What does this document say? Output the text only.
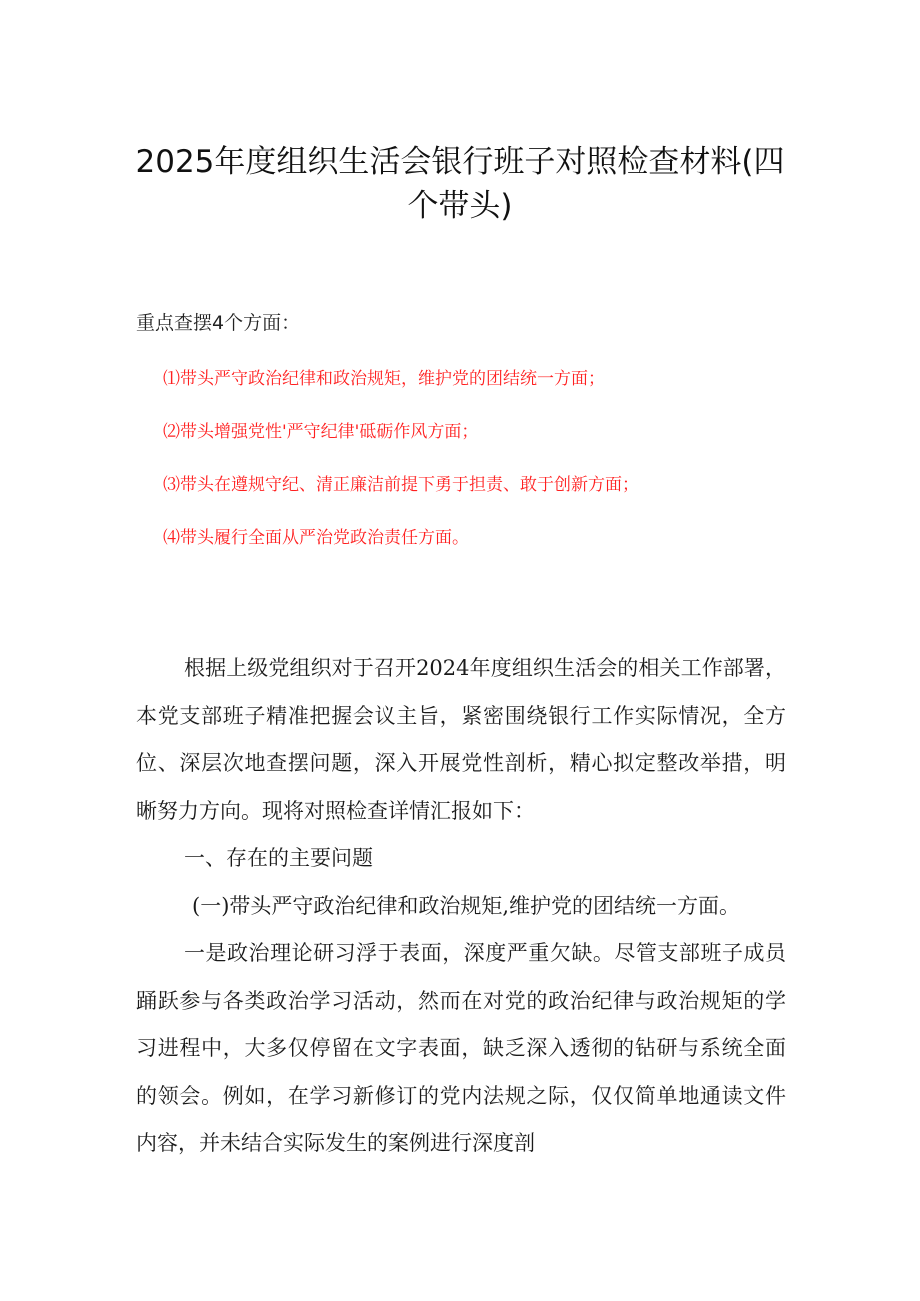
2025年度组织生活会银行班子对照检查材料(四
个带头)
重点查摆4个方面：
⑴带头严守政治纪律和政治规矩，维护党的团结统一方面；
⑵带头增强党性'严守纪律'砥砺作风方面；
⑶带头在遵规守纪、清正廉洁前提下勇于担责、敢于创新方面；
⑷带头履行全面从严治党政治责任方面。

根据上级党组织对于召开2024年度组织生活会的相关工作部署，本党支部班子精准把握会议主旨，紧密围绕银行工作实际情况，全方位、深层次地查摆问题，深入开展党性剖析，精心拟定整改举措，明晰努力方向。现将对照检查详情汇报如下：

一、存在的主要问题

(一)带头严守政治纪律和政治规矩,维护党的团结统一方面。

一是政治理论研习浮于表面，深度严重欠缺。尽管支部班子成员踊跃参与各类政治学习活动，然而在对党的政治纪律与政治规矩的学习进程中，大多仅停留在文字表面，缺乏深入透彻的钻研与系统全面的领会。例如，在学习新修订的党内法规之际，仅仅简单地通读文件内容，并未结合实际发生的案例进行深度剖
